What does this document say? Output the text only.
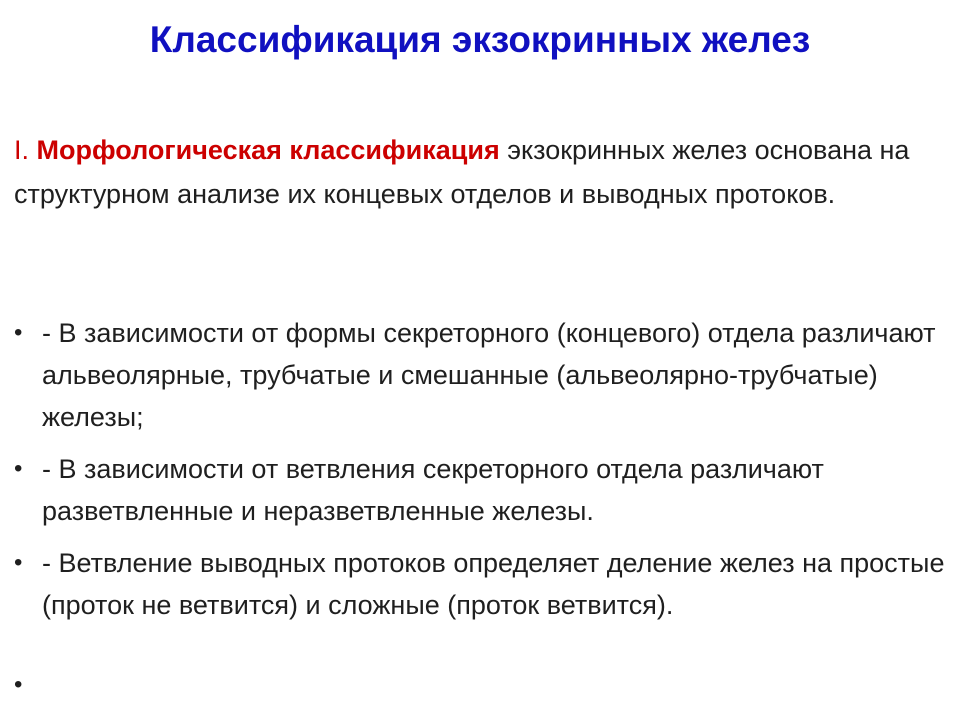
Классификация экзокринных желез
I. Морфологическая классификация экзокринных желез основана на структурном анализе их концевых отделов и выводных протоков.
• - В зависимости от формы секреторного (концевого) отдела различают альвеолярные, трубчатые и смешанные (альвеолярно-трубчатые) железы;
• - В зависимости от ветвления секреторного отдела различают разветвленные и неразветвленные железы.
• - Ветвление выводных протоков определяет деление желез на простые (проток не ветвится) и сложные (проток ветвится).
•
